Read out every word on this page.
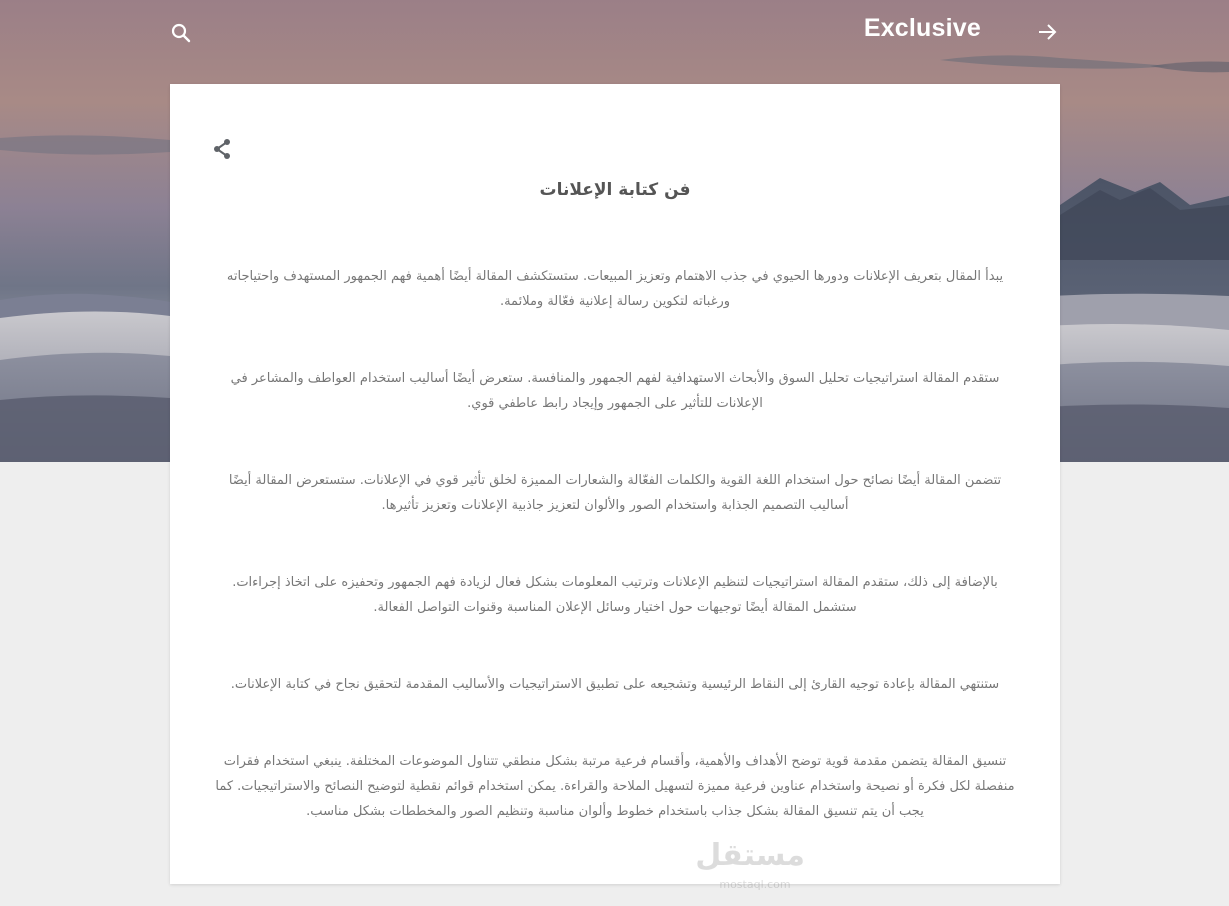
Exclusive
فن كتابة الإعلانات

يبدأ المقال بتعريف الإعلانات ودورها الحيوي في جذب الاهتمام وتعزيز المبيعات. ستستكشف المقالة أيضًا أهمية فهم الجمهور المستهدف واحتياجاته ورغباته لتكوين رسالة إعلانية فعّالة وملائمة.

ستقدم المقالة استراتيجيات تحليل السوق والأبحاث الاستهدافية لفهم الجمهور والمنافسة. ستعرض أيضًا أساليب استخدام العواطف والمشاعر في الإعلانات للتأثير على الجمهور وإيجاد رابط عاطفي قوي.

تتضمن المقالة أيضًا نصائح حول استخدام اللغة القوية والكلمات الفعّالة والشعارات المميزة لخلق تأثير قوي في الإعلانات. ستستعرض المقالة أيضًا أساليب التصميم الجذابة واستخدام الصور والألوان لتعزيز جاذبية الإعلانات وتعزيز تأثيرها.

بالإضافة إلى ذلك، ستقدم المقالة استراتيجيات لتنظيم الإعلانات وترتيب المعلومات بشكل فعال لزيادة فهم الجمهور وتحفيزه على اتخاذ إجراءات. ستشمل المقالة أيضًا توجيهات حول اختيار وسائل الإعلان المناسبة وقنوات التواصل الفعالة.

ستنتهي المقالة بإعادة توجيه القارئ إلى النقاط الرئيسية وتشجيعه على تطبيق الاستراتيجيات والأساليب المقدمة لتحقيق نجاح في كتابة الإعلانات.

تنسيق المقالة يتضمن مقدمة قوية توضح الأهداف والأهمية، وأقسام فرعية مرتبة بشكل منطقي تتناول الموضوعات المختلفة. ينبغي استخدام فقرات منفصلة لكل فكرة أو نصيحة واستخدام عناوين فرعية مميزة لتسهيل الملاحة والقراءة. يمكن استخدام قوائم نقطية لتوضيح النصائح والاستراتيجيات. كما يجب أن يتم تنسيق المقالة بشكل جذاب باستخدام خطوط وألوان مناسبة وتنظيم الصور والمخططات بشكل مناسب.

مستقل
mostaql.com
